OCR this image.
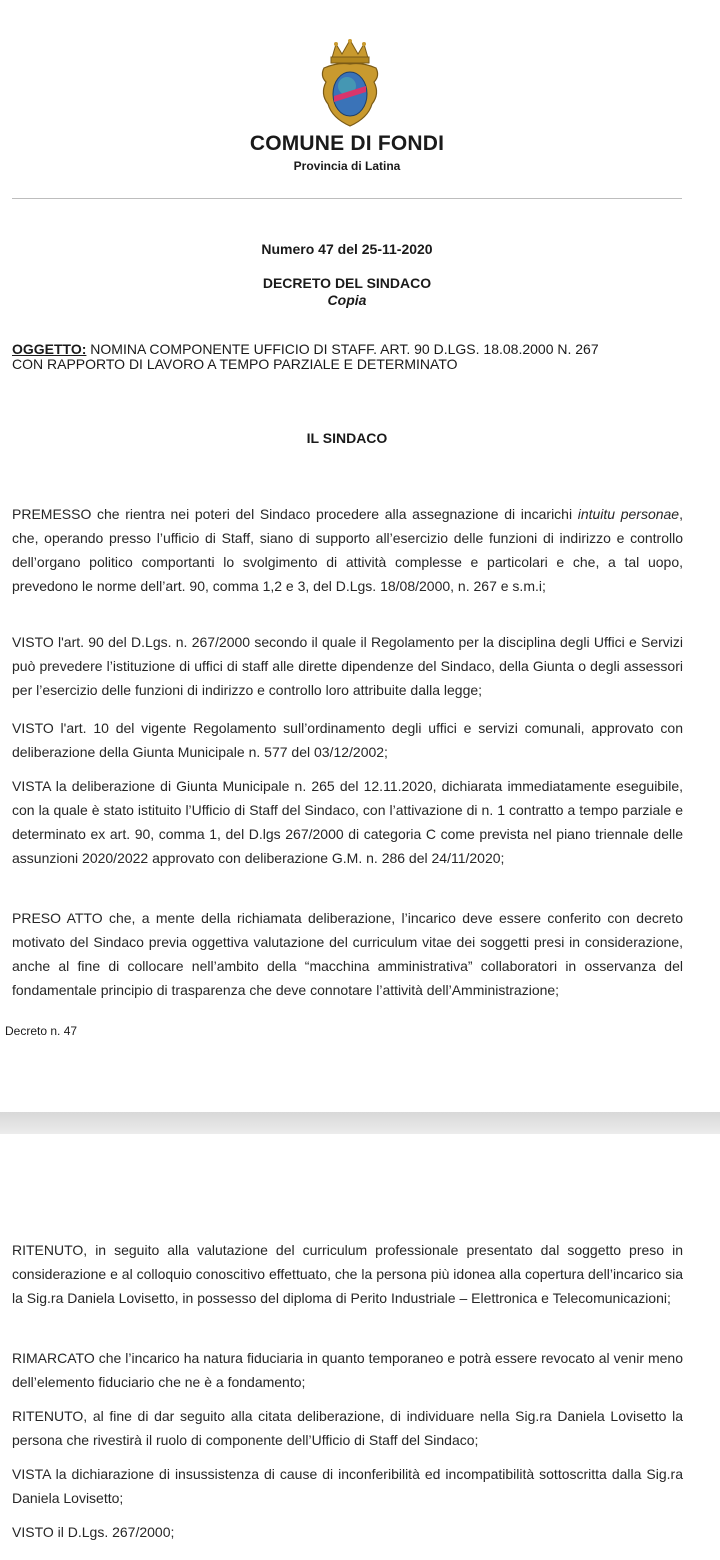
COMUNE DI FONDI
Provincia di Latina
Numero 47 del 25-11-2020
DECRETO DEL SINDACO
Copia
OGGETTO: NOMINA COMPONENTE UFFICIO DI STAFF. ART. 90 D.LGS. 18.08.2000 N. 267
CON RAPPORTO DI LAVORO A TEMPO PARZIALE E DETERMINATO
IL SINDACO
PREMESSO che rientra nei poteri del Sindaco procedere alla assegnazione di incarichi intuitu personae, che, operando presso l’ufficio di Staff, siano di supporto all’esercizio delle funzioni di indirizzo e controllo dell’organo politico comportanti lo svolgimento di attività complesse e particolari e che, a tal uopo, prevedono le norme dell’art. 90, comma 1,2 e 3, del D.Lgs. 18/08/2000, n. 267 e s.m.i;
VISTO l'art. 90 del D.Lgs. n. 267/2000 secondo il quale il Regolamento per la disciplina degli Uffici e Servizi può prevedere l’istituzione di uffici di staff alle dirette dipendenze del Sindaco, della Giunta o degli assessori per l’esercizio delle funzioni di indirizzo e controllo loro attribuite dalla legge;
VISTO l'art. 10 del vigente Regolamento sull’ordinamento degli uffici e servizi comunali, approvato con deliberazione della Giunta Municipale n. 577 del 03/12/2002;
VISTA la deliberazione di Giunta Municipale n. 265 del 12.11.2020, dichiarata immediatamente eseguibile, con la quale è stato istituito l’Ufficio di Staff del Sindaco, con l’attivazione di n. 1 contratto a tempo parziale e determinato ex art. 90, comma 1, del D.lgs 267/2000 di categoria C come prevista nel piano triennale delle assunzioni 2020/2022 approvato con deliberazione G.M. n. 286 del 24/11/2020;
PRESO ATTO che, a mente della richiamata deliberazione, l’incarico deve essere conferito con decreto motivato del Sindaco previa oggettiva valutazione del curriculum vitae dei soggetti presi in considerazione, anche al fine di collocare nell’ambito della “macchina amministrativa” collaboratori in osservanza del fondamentale principio di trasparenza che deve connotare l’attività dell’Amministrazione;
Decreto n. 47
RITENUTO, in seguito alla valutazione del curriculum professionale presentato dal soggetto preso in considerazione e al colloquio conoscitivo effettuato, che la persona più idonea alla copertura dell’incarico sia la Sig.ra Daniela Lovisetto, in possesso del diploma di Perito Industriale – Elettronica e Telecomunicazioni;
RIMARCATO che l’incarico ha natura fiduciaria in quanto temporaneo e potrà essere revocato al venir meno dell’elemento fiduciario che ne è a fondamento;
RITENUTO, al fine di dar seguito alla citata deliberazione, di individuare nella Sig.ra Daniela Lovisetto la persona che rivestirà il ruolo di componente dell’Ufficio di Staff del Sindaco;
VISTA la dichiarazione di insussistenza di cause di inconferibilità ed incompatibilità sottoscritta dalla Sig.ra Daniela Lovisetto;
VISTO il D.Lgs. 267/2000;
